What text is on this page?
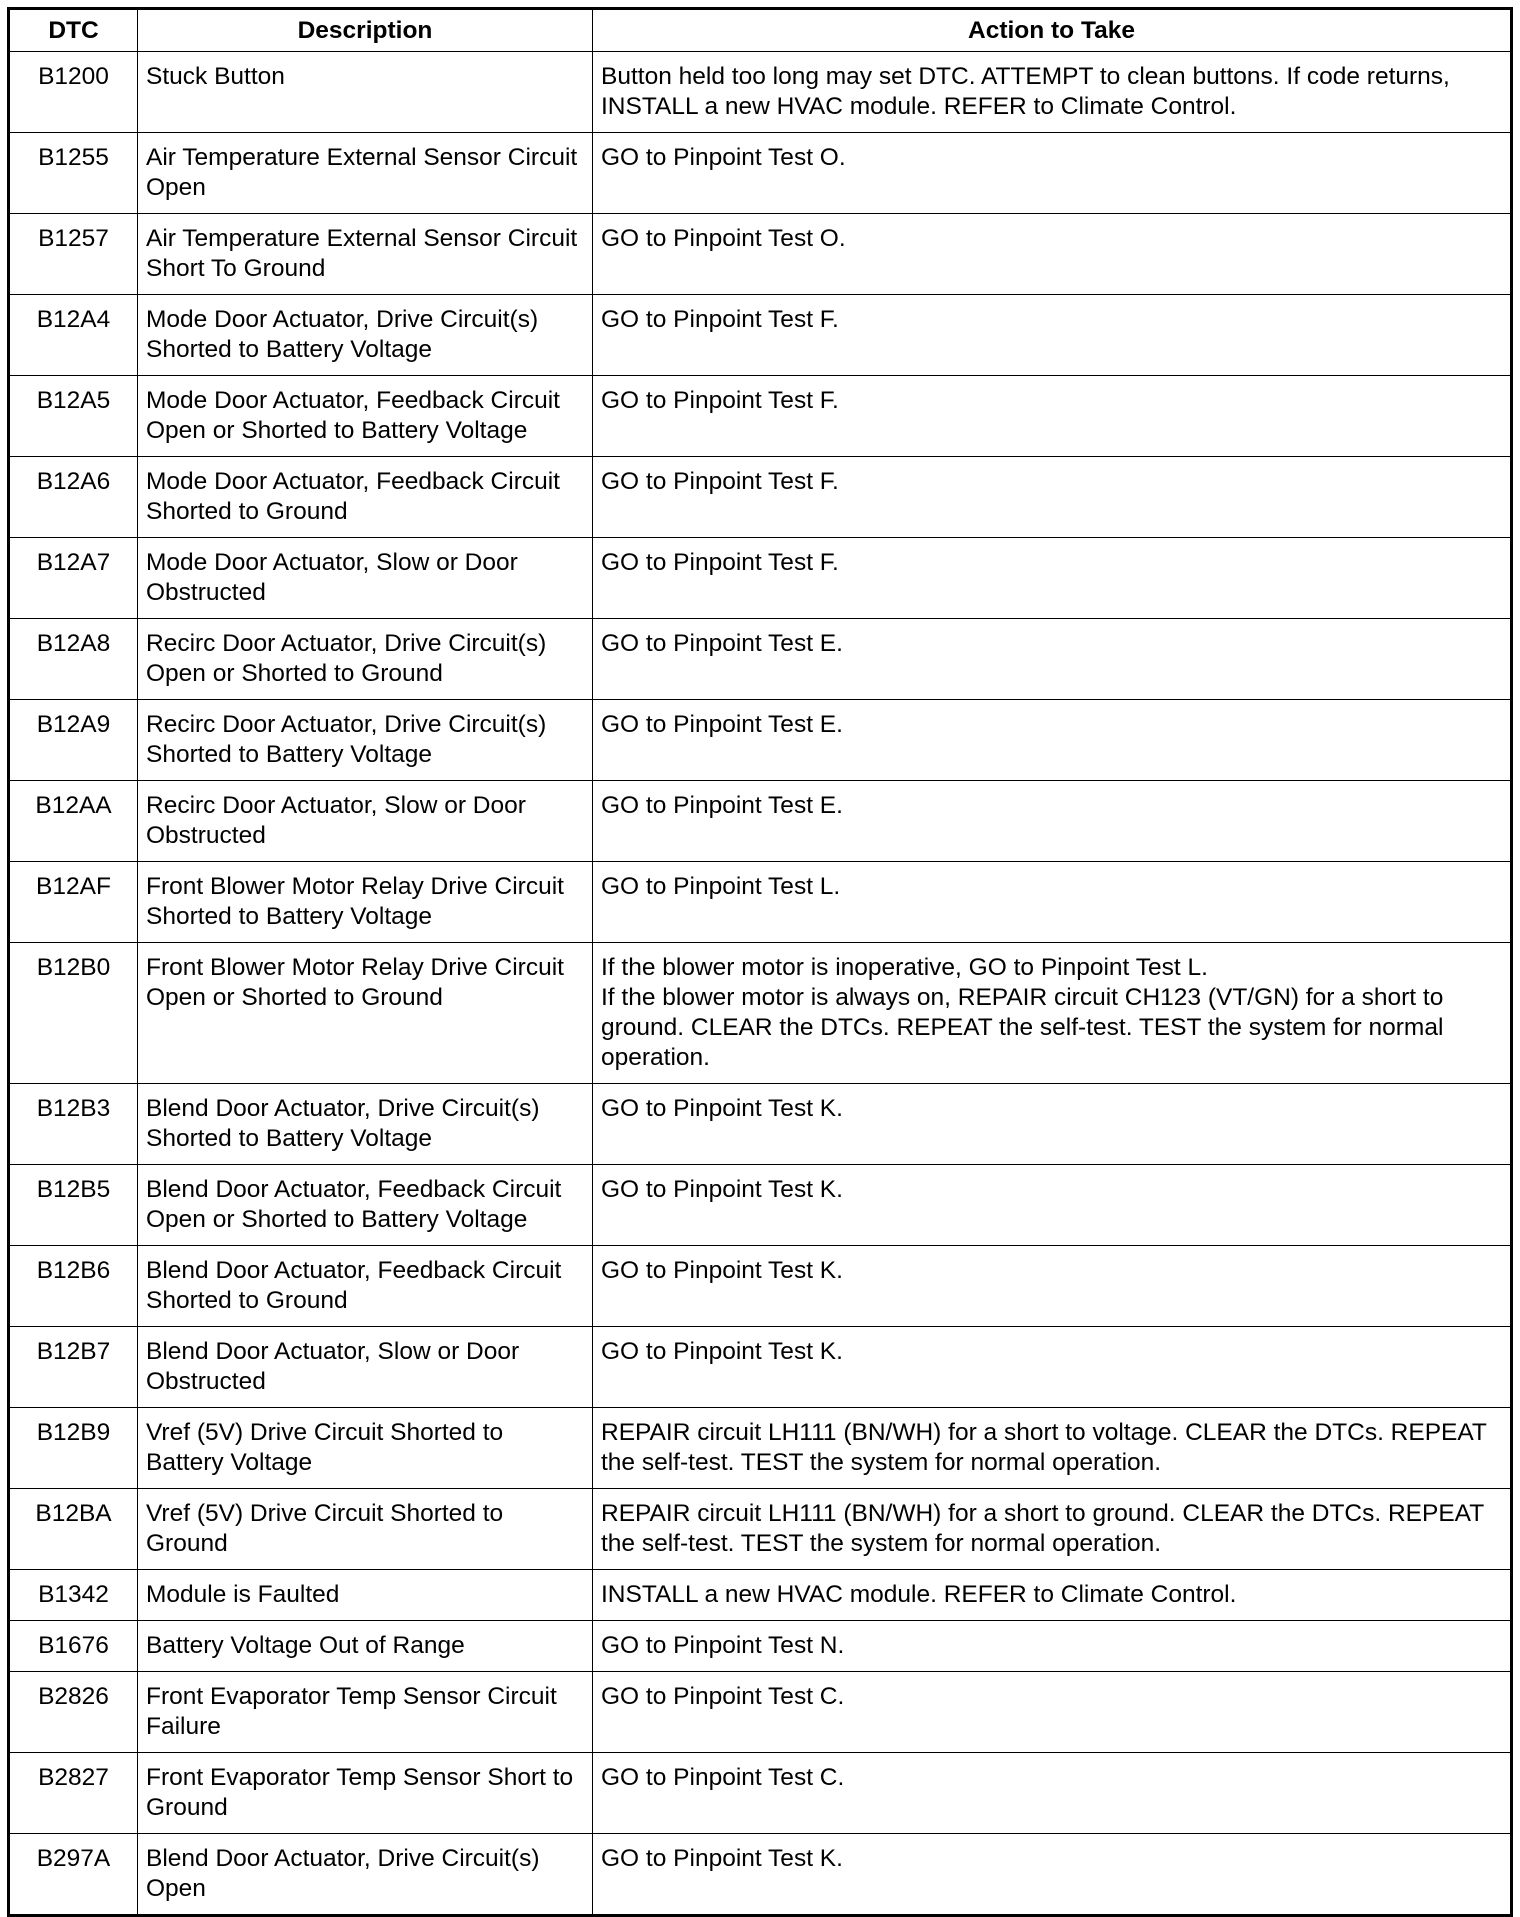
DTC	Description	Action to Take
B1200	Stuck Button	Button held too long may set DTC. ATTEMPT to clean buttons. If code returns, INSTALL a new HVAC module. REFER to Climate Control.
B1255	Air Temperature External Sensor Circuit Open	GO to Pinpoint Test O.
B1257	Air Temperature External Sensor Circuit Short To Ground	GO to Pinpoint Test O.
B12A4	Mode Door Actuator, Drive Circuit(s) Shorted to Battery Voltage	GO to Pinpoint Test F.
B12A5	Mode Door Actuator, Feedback Circuit Open or Shorted to Battery Voltage	GO to Pinpoint Test F.
B12A6	Mode Door Actuator, Feedback Circuit Shorted to Ground	GO to Pinpoint Test F.
B12A7	Mode Door Actuator, Slow or Door Obstructed	GO to Pinpoint Test F.
B12A8	Recirc Door Actuator, Drive Circuit(s) Open or Shorted to Ground	GO to Pinpoint Test E.
B12A9	Recirc Door Actuator, Drive Circuit(s) Shorted to Battery Voltage	GO to Pinpoint Test E.
B12AA	Recirc Door Actuator, Slow or Door Obstructed	GO to Pinpoint Test E.
B12AF	Front Blower Motor Relay Drive Circuit Shorted to Battery Voltage	GO to Pinpoint Test L.
B12B0	Front Blower Motor Relay Drive Circuit Open or Shorted to Ground	If the blower motor is inoperative, GO to Pinpoint Test L.
If the blower motor is always on, REPAIR circuit CH123 (VT/GN) for a short to ground. CLEAR the DTCs. REPEAT the self-test. TEST the system for normal operation.
B12B3	Blend Door Actuator, Drive Circuit(s) Shorted to Battery Voltage	GO to Pinpoint Test K.
B12B5	Blend Door Actuator, Feedback Circuit Open or Shorted to Battery Voltage	GO to Pinpoint Test K.
B12B6	Blend Door Actuator, Feedback Circuit Shorted to Ground	GO to Pinpoint Test K.
B12B7	Blend Door Actuator, Slow or Door Obstructed	GO to Pinpoint Test K.
B12B9	Vref (5V) Drive Circuit Shorted to Battery Voltage	REPAIR circuit LH111 (BN/WH) for a short to voltage. CLEAR the DTCs. REPEAT the self-test. TEST the system for normal operation.
B12BA	Vref (5V) Drive Circuit Shorted to Ground	REPAIR circuit LH111 (BN/WH) for a short to ground. CLEAR the DTCs. REPEAT the self-test. TEST the system for normal operation.
B1342	Module is Faulted	INSTALL a new HVAC module. REFER to Climate Control.
B1676	Battery Voltage Out of Range	GO to Pinpoint Test N.
B2826	Front Evaporator Temp Sensor Circuit Failure	GO to Pinpoint Test C.
B2827	Front Evaporator Temp Sensor Short to Ground	GO to Pinpoint Test C.
B297A	Blend Door Actuator, Drive Circuit(s) Open	GO to Pinpoint Test K.
